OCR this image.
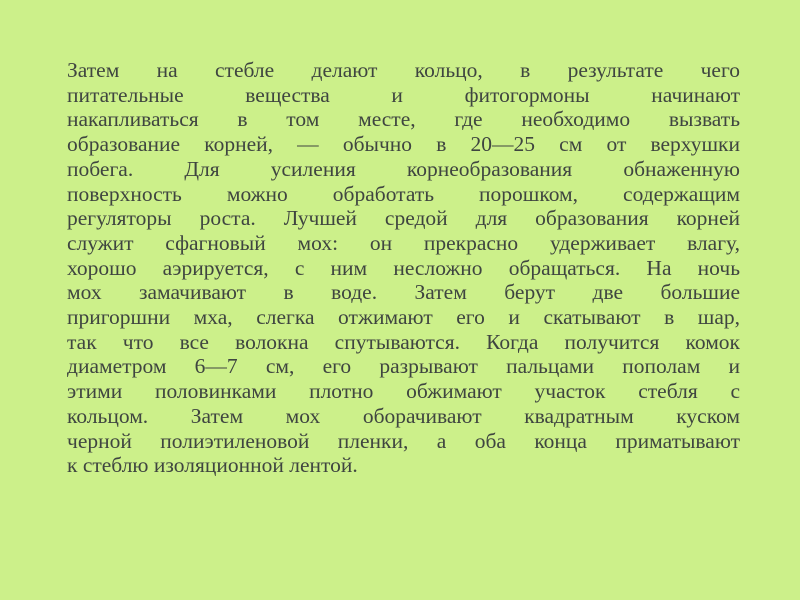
Затем на стебле делают кольцо, в результате чего
питательные вещества и фитогормоны начинают
накапливаться в том месте, где необходимо вызвать
образование корней, — обычно в 20—25 см от верхушки
побега. Для усиления корнеобразования обнаженную
поверхность можно обработать порошком, содержащим
регуляторы роста. Лучшей средой для образования корней
служит сфагновый мох: он прекрасно удерживает влагу,
хорошо аэрируется, с ним несложно обращаться. На ночь
мох замачивают в воде. Затем берут две большие
пригоршни мха, слегка отжимают его и скатывают в шар,
так что все волокна спутываются. Когда получится комок
диаметром 6—7 см, его разрывают пальцами пополам и
этими половинками плотно обжимают участок стебля с
кольцом. Затем мох оборачивают квадратным куском
черной полиэтиленовой пленки, а оба конца приматывают
к стеблю изоляционной лентой.
